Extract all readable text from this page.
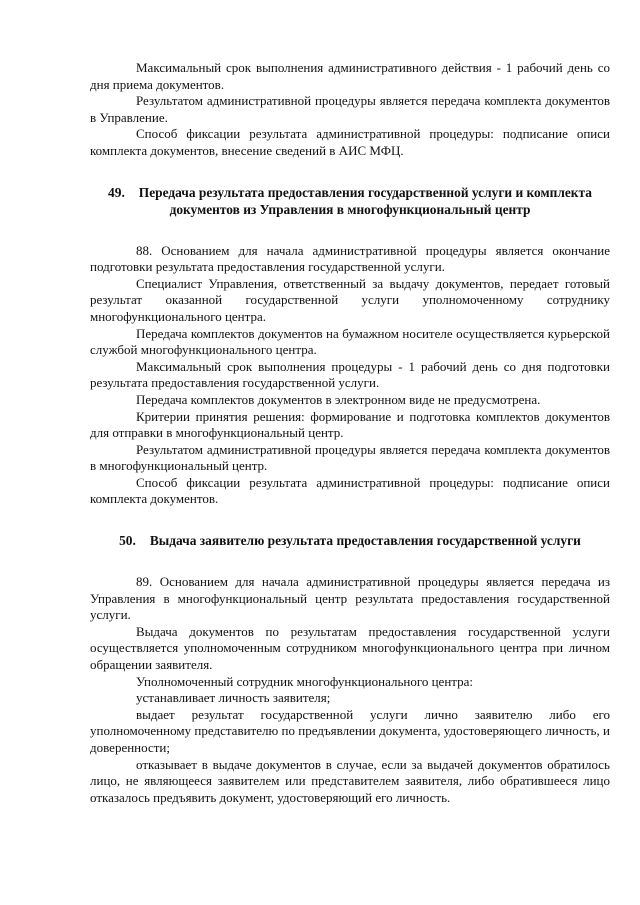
Максимальный срок выполнения административного действия - 1 рабочий день со дня приема документов.

Результатом административной процедуры является передача комплекта документов в Управление.

Способ фиксации результата административной процедуры: подписание описи комплекта документов, внесение сведений в АИС МФЦ.

49. Передача результата предоставления государственной услуги и комплекта документов из Управления в многофункциональный центр

88. Основанием для начала административной процедуры является окончание подготовки результата предоставления государственной услуги.

Специалист Управления, ответственный за выдачу документов, передает готовый результат оказанной государственной услуги уполномоченному сотруднику многофункционального центра.

Передача комплектов документов на бумажном носителе осуществляется курьерской службой многофункционального центра.

Максимальный срок выполнения процедуры - 1 рабочий день со дня подготовки результата предоставления государственной услуги.

Передача комплектов документов в электронном виде не предусмотрена.

Критерии принятия решения: формирование и подготовка комплектов документов для отправки в многофункциональный центр.

Результатом административной процедуры является передача комплекта документов в многофункциональный центр.

Способ фиксации результата административной процедуры: подписание описи комплекта документов.

50. Выдача заявителю результата предоставления государственной услуги

89. Основанием для начала административной процедуры является передача из Управления в многофункциональный центр результата предоставления государственной услуги.

Выдача документов по результатам предоставления государственной услуги осуществляется уполномоченным сотрудником многофункционального центра при личном обращении заявителя.

Уполномоченный сотрудник многофункционального центра:

устанавливает личность заявителя;

выдает результат государственной услуги лично заявителю либо его уполномоченному представителю по предъявлении документа, удостоверяющего личность, и доверенности;

отказывает в выдаче документов в случае, если за выдачей документов обратилось лицо, не являющееся заявителем или представителем заявителя, либо обратившееся лицо отказалось предъявить документ, удостоверяющий его личность.
